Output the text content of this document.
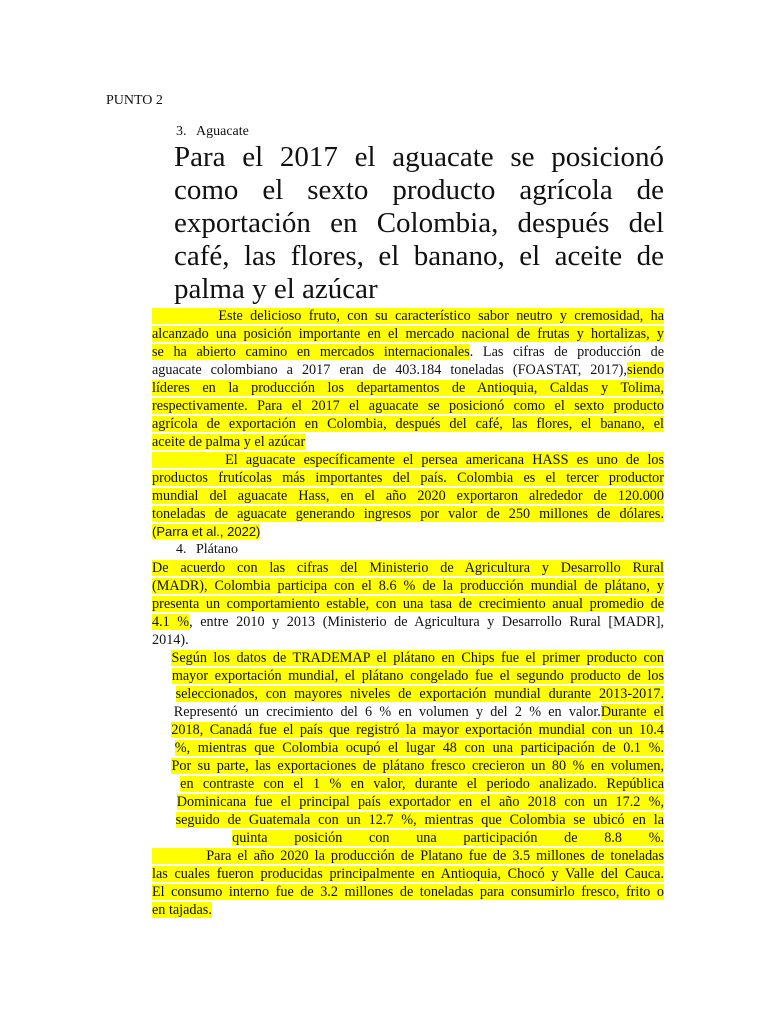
PUNTO 2
3. Aguacate
Para el 2017 el aguacate se posicionó como el sexto producto agrícola de exportación en Colombia, después del café, las flores, el banano, el aceite de palma y el azúcar
Este delicioso fruto, con su característico sabor neutro y cremosidad, ha
alcanzado una posición importante en el mercado nacional de frutas y hortalizas, y
se ha abierto camino en mercados internacionales. Las cifras de producción de
aguacate colombiano a 2017 eran de 403.184 toneladas (FOASTAT, 2017),siendo
líderes en la producción los departamentos de Antioquia, Caldas y Tolima,
respectivamente. Para el 2017 el aguacate se posicionó como el sexto producto
agrícola de exportación en Colombia, después del café, las flores, el banano, el
aceite de palma y el azúcar
El aguacate específicamente el persea americana HASS es uno de los
productos frutícolas más importantes del país. Colombia es el tercer productor
mundial del aguacate Hass, en el año 2020 exportaron alrededor de 120.000
toneladas de aguacate generando ingresos por valor de 250 millones de dólares.
(Parra et al., 2022)
4. Plátano
De acuerdo con las cifras del Ministerio de Agricultura y Desarrollo Rural
(MADR), Colombia participa con el 8.6 % de la producción mundial de plátano, y
presenta un comportamiento estable, con una tasa de crecimiento anual promedio de
4.1 %, entre 2010 y 2013 (Ministerio de Agricultura y Desarrollo Rural [MADR],
2014).
Según los datos de TRADEMAP el plátano en Chips fue el primer producto con
mayor exportación mundial, el plátano congelado fue el segundo producto de los
seleccionados, con mayores niveles de exportación mundial durante 2013-2017.
Representó un crecimiento del 6 % en volumen y del 2 % en valor.Durante el
2018, Canadá fue el país que registró la mayor exportación mundial con un 10.4
%, mientras que Colombia ocupó el lugar 48 con una participación de 0.1 %.
Por su parte, las exportaciones de plátano fresco crecieron un 80 % en volumen,
en contraste con el 1 % en valor, durante el periodo analizado. República
Dominicana fue el principal país exportador en el año 2018 con un 17.2 %,
seguido de Guatemala con un 12.7 %, mientras que Colombia se ubicó en la
quinta posición con una participación de 8.8 %.

Para el año 2020 la producción de Platano fue de 3.5 millones de toneladas
las cuales fueron producidas principalmente en Antioquia, Chocó y Valle del Cauca.
El consumo interno fue de 3.2 millones de toneladas para consumirlo fresco, frito o
en tajadas.
